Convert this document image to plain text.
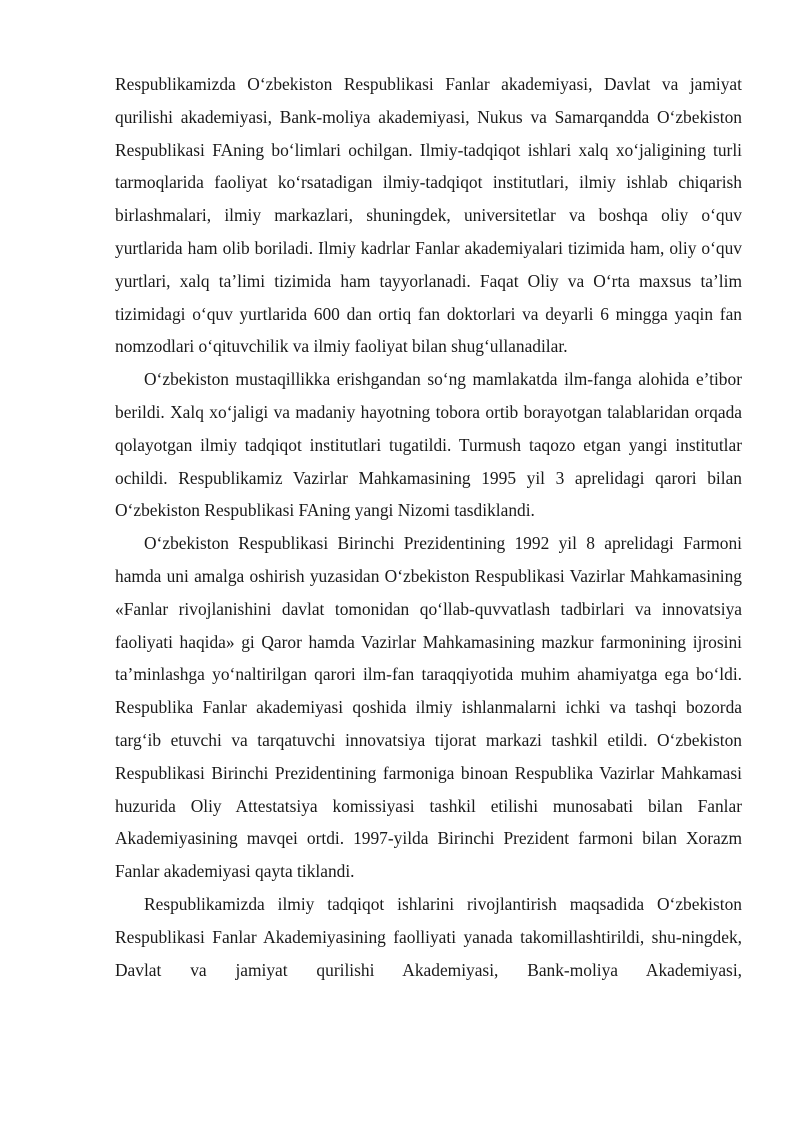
Respublikamizda O‘zbekiston Respublikasi Fanlar akademiyasi, Davlat va jamiyat qurilishi akademiyasi, Bank-moliya akademiyasi, Nukus va Samarqandda O‘zbekiston Respublikasi FAning bo‘limlari ochilgan. Ilmiy-tadqiqot ishlari xalq xo‘jaligining turli tarmoqlarida faoliyat ko‘rsatadigan ilmiy-tadqiqot institutlari, ilmiy ishlab chiqarish birlashmalari, ilmiy markazlari, shuningdek, universitetlar va boshqa oliy o‘quv yurtlarida ham olib boriladi. Ilmiy kadrlar Fanlar akademiyalari tizimida ham, oliy o‘quv yurtlari, xalq ta’limi tizimida ham tayyorlanadi. Faqat Oliy va O‘rta maxsus ta’lim tizimidagi o‘quv yurtlarida 600 dan ortiq fan doktorlari va deyarli 6 mingga yaqin fan nomzodlari o‘qituvchilik va ilmiy faoliyat bilan shug‘ullanadilar.

O‘zbekiston mustaqillikka erishgandan so‘ng mamlakatda ilm-fanga alohida e’tibor berildi. Xalq xo‘jaligi va madaniy hayotning tobora ortib borayotgan talablaridan orqada qolayotgan ilmiy tadqiqot institutlari tugatildi. Turmush taqozo etgan yangi institutlar ochildi. Respublikamiz Vazirlar Mahkamasining 1995 yil 3 aprelidagi qarori bilan O‘zbekiston Respublikasi FAning yangi Nizomi tasdiklandi.

O‘zbekiston Respublikasi Birinchi Prezidentining 1992 yil 8 aprelidagi Farmoni hamda uni amalga oshirish yuzasidan O‘zbekiston Respublikasi Vazirlar Mahkamasining «Fanlar rivojlanishini davlat tomonidan qo‘llab-quvvatlash tadbirlari va innovatsiya faoliyati haqida» gi Qaror hamda Vazirlar Mahkamasining mazkur farmonining ijrosini ta’minlashga yo‘naltirilgan qarori ilm-fan taraqqiyotida muhim ahamiyatga ega bo‘ldi. Respublika Fanlar akademiyasi qoshida ilmiy ishlanmalarni ichki va tashqi bozorda targ‘ib etuvchi va tarqatuvchi innovatsiya tijorat markazi tashkil etildi. O‘zbekiston Respublikasi Birinchi Prezidentining farmoniga binoan Respublika Vazirlar Mahkamasi huzurida Oliy Attestatsiya komissiyasi tashkil etilishi munosabati bilan Fanlar Akademiyasining mavqei ortdi. 1997-yilda Birinchi Prezident farmoni bilan Xorazm Fanlar akademiyasi qayta tiklandi.

Respublikamizda ilmiy tadqiqot ishlarini rivojlantirish maqsadida O‘zbekiston Respublikasi Fanlar Akademiyasining faolliyati yanada takomillashtirildi, shu-ningdek, Davlat va jamiyat qurilishi Akademiyasi, Bank-moliya Akademiyasi,
